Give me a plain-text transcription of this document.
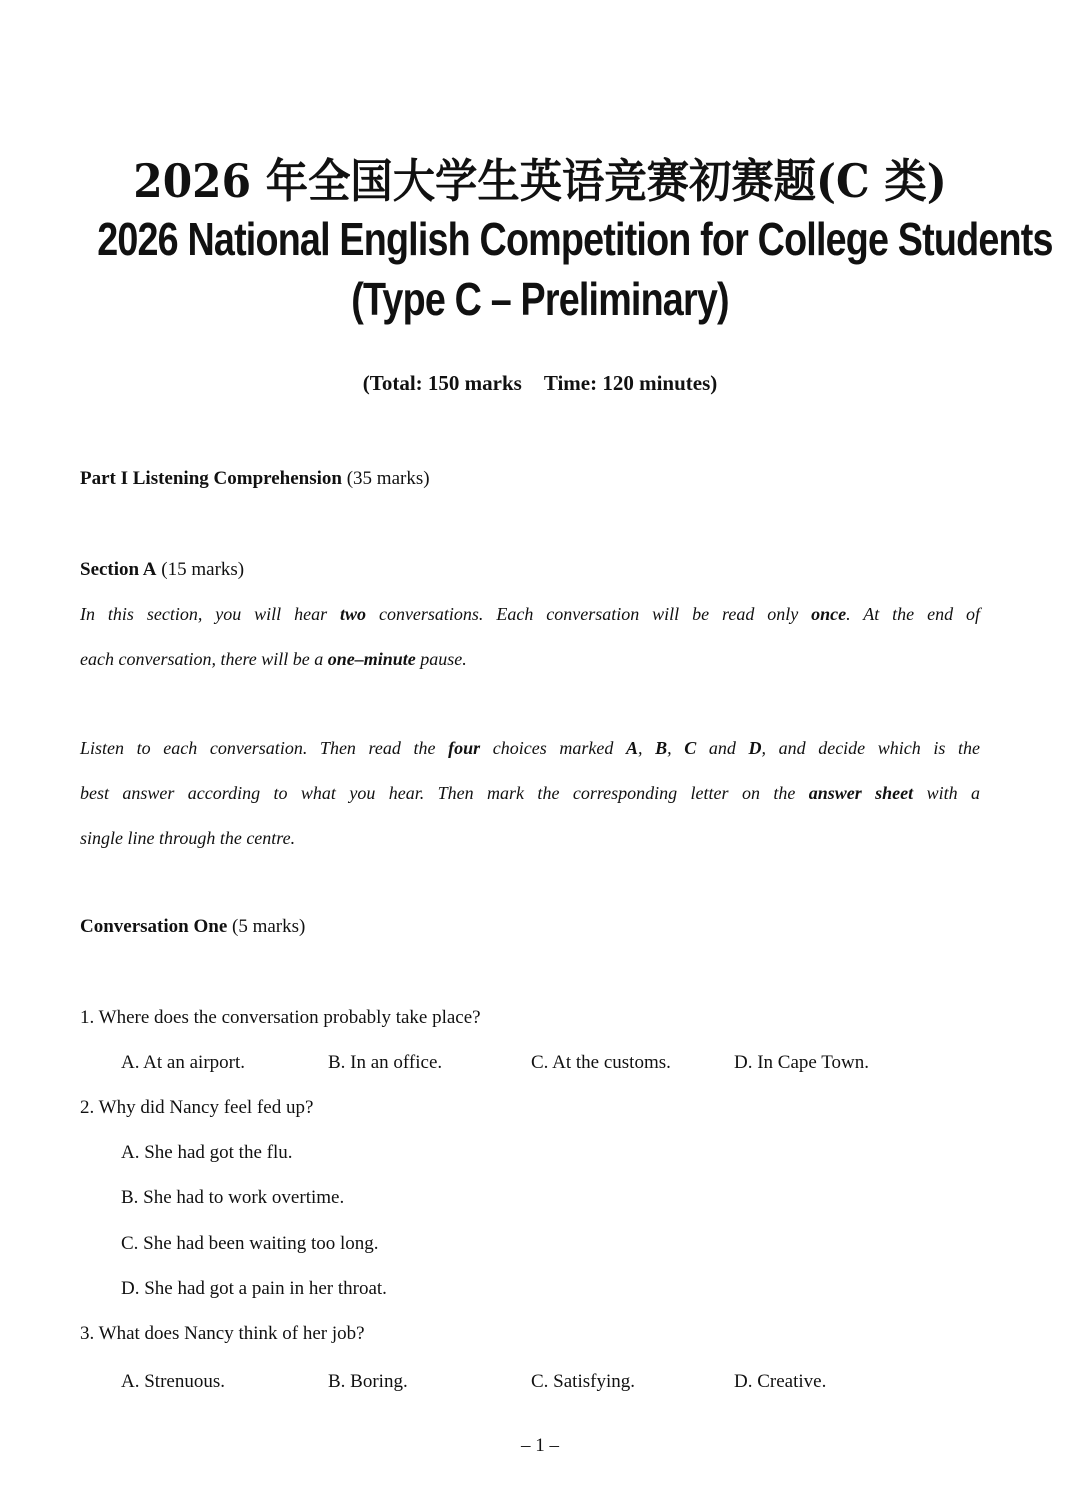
2026 年全国大学生英语竞赛初赛题(C 类)
2026 National English Competition for College Students
(Type C – Preliminary)
(Total: 150 marks Time: 120 minutes)
Part I Listening Comprehension (35 marks)
Section A (15 marks)
In this section, you will hear two conversations. Each conversation will be read only once. At the end of
each conversation, there will be a one–minute pause.
Listen to each conversation. Then read the four choices marked A, B, C and D, and decide which is the
best answer according to what you hear. Then mark the corresponding letter on the answer sheet with a
single line through the centre.
Conversation One (5 marks)
1. Where does the conversation probably take place?
A. At an airport.	B. In an office.	C. At the customs.	D. In Cape Town.
2. Why did Nancy feel fed up?
A. She had got the flu.
B. She had to work overtime.
C. She had been waiting too long.
D. She had got a pain in her throat.
3. What does Nancy think of her job?
A. Strenuous.	B. Boring.	C. Satisfying.	D. Creative.
– 1 –
